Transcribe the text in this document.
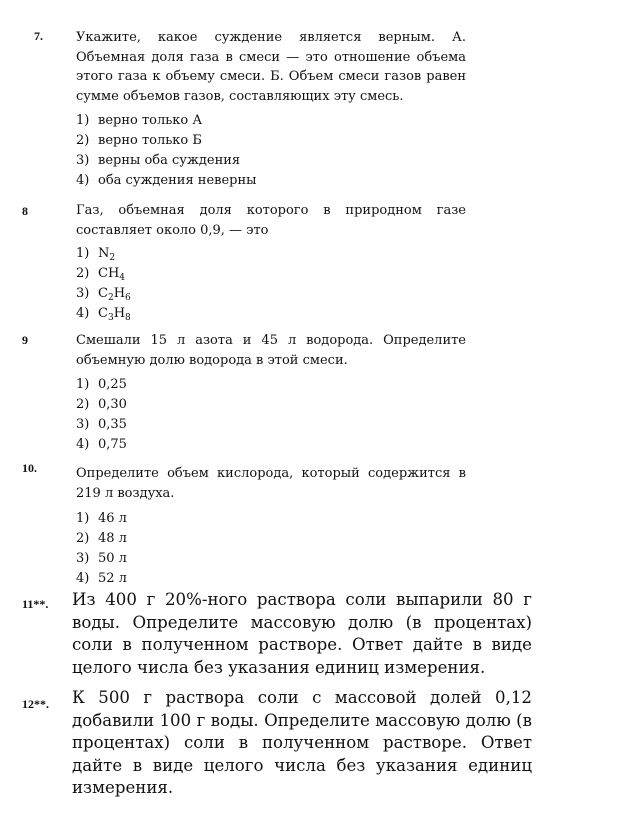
7.	Укажите, какое суждение является верным. А. Объемная доля газа в смеси — это отношение объема этого газа к объему смеси. Б. Объем смеси газов равен сумме объемов газов, составляющих эту смесь.
1) верно только А
2) верно только Б
3) верны оба суждения
4) оба суждения неверны
8	Газ, объемная доля которого в природном газе составляет около 0,9, — это
1) $N_2$
2) $CH_4$
3) $C_2H_6$
4) $C_3H_8$
9	Смешали 15 л азота и 45 л водорода. Определите объемную долю водорода в этой смеси.
1) 0,25
2) 0,30
3) 0,35
4) 0,75
10.	Определите объем кислорода, который содержится в 219 л воздуха.
1) 46 л
2) 48 л
3) 50 л
4) 52 л
11**. Из 400 г 20%-ного раствора соли выпарили 80 г воды. Определите массовую долю (в процентах) соли в полученном растворе. Ответ дайте в виде целого числа без указания единиц измерения.
12**. К 500 г раствора соли с массовой долей 0,12 добавили 100 г воды. Определите массовую долю (в процентах) соли в полученном растворе. Ответ дайте в виде целого числа без указания единиц измерения.
